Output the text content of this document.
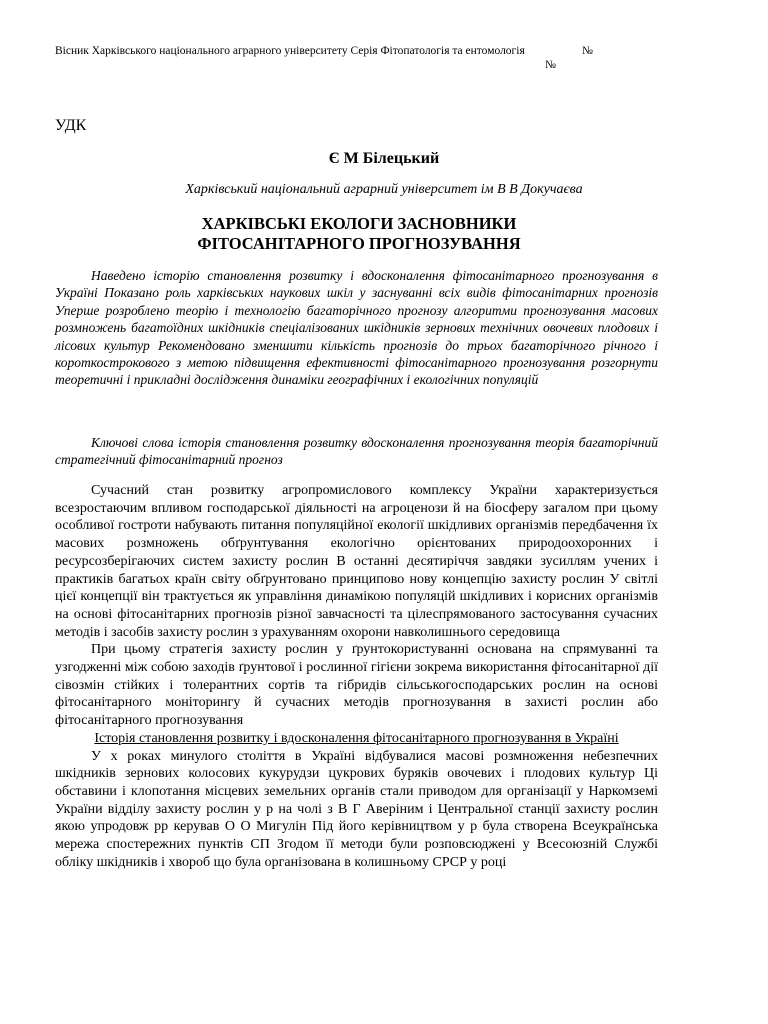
Вісник Харківського національного аграрного університету Серія Фітопатологія та ентомологія	№
№
УДК
Є М Білецький
Харківський національний аграрний університет ім В В Докучаєва
ХАРКІВСЬКІ ЕКОЛОГИ ЗАСНОВНИКИ
ФІТОСАНІТАРНОГО ПРОГНОЗУВАННЯ
Наведено історію становлення розвитку і вдосконалення фітосанітарного прогнозування в Україні Показано роль харківських наукових шкіл у заснуванні всіх видів фітосанітарних прогнозів Уперше розроблено теорію і технологію багаторічного прогнозу алгоритми прогнозування масових розмножень багатоїдних шкідників спеціалізованих шкідників зернових технічних овочевих плодових і лісових культур Рекомендовано зменшити кількість прогнозів до трьох багаторічного річного і короткострокового з метою підвищення ефективності фітосанітарного прогнозування розгорнути теоретичні і прикладні дослідження динаміки географічних і екологічних популяцій
Ключові слова історія становлення розвитку вдосконалення прогнозування теорія багаторічний стратегічний фітосанітарний прогноз

Сучасний стан розвитку агропромислового комплексу України характеризується всезростаючим впливом господарської діяльності на агроценози й на біосферу загалом при цьому особливої гостроти набувають питання популяційної екології шкідливих організмів передбачення їх масових розмножень обґрунтування екологічно орієнтованих природоохоронних і ресурсозберігаючих систем захисту рослин В останні десятиріччя завдяки зусиллям учених і практиків багатьох країн світу обґрунтовано принципово нову концепцію захисту рослин У світлі цієї концепції він трактується як управління динамікою популяцій шкідливих і корисних організмів на основі фітосанітарних прогнозів різної завчасності та цілеспрямованого застосування сучасних методів і засобів захисту рослин з урахуванням охорони навколишнього середовища

При цьому стратегія захисту рослин у ґрунтокористуванні основана на спрямуванні та узгодженні між собою заходів ґрунтової і рослинної гігієни зокрема використання фітосанітарної дії сівозмін стійких і толерантних сортів та гібридів сільськогосподарських рослин на основі фітосанітарного моніторингу й сучасних методів прогнозування в захисті рослин або фітосанітарного прогнозування

Історія становлення розвитку і вдосконалення фітосанітарного прогнозування в Україні

У х роках минулого століття в Україні відбувалися масові розмноження небезпечних шкідників зернових колосових кукурудзи цукрових буряків овочевих і плодових культур Ці обставини і клопотання місцевих земельних органів стали приводом для організації у Наркомземі України відділу захисту рослин у р на чолі з В Г Аверіним і Центральної станції захисту рослин якою упродовж рр керував О О Мигулін Під його керівництвом у р була створена Всеукраїнська мережа спостережних пунктів СП Згодом її методи були розповсюджені у Всесоюзній Службі обліку шкідників і хвороб що була організована в колишньому СРСР у році
